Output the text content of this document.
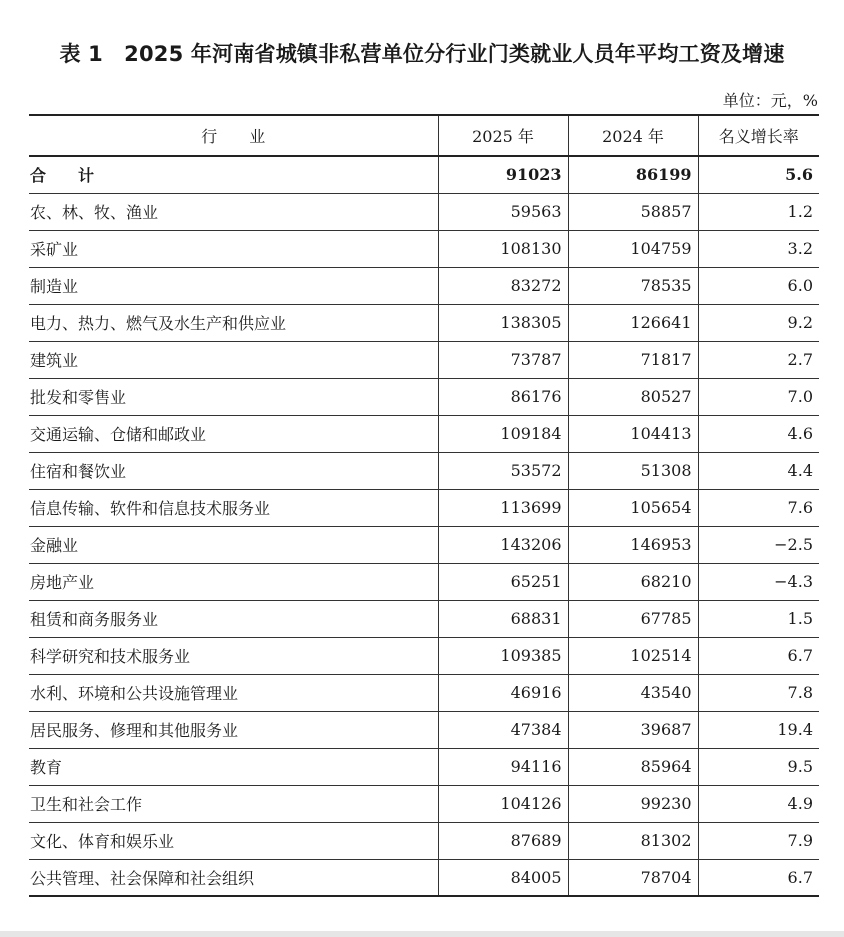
表 1　2025 年河南省城镇非私营单位分行业门类就业人员年平均工资及增速
单位：元，%
行　　业	2025 年	2024 年	名义增长率
合　　计	91023	86199	5.6
农、林、牧、渔业	59563	58857	1.2
采矿业	108130	104759	3.2
制造业	83272	78535	6.0
电力、热力、燃气及水生产和供应业	138305	126641	9.2
建筑业	73787	71817	2.7
批发和零售业	86176	80527	7.0
交通运输、仓储和邮政业	109184	104413	4.6
住宿和餐饮业	53572	51308	4.4
信息传输、软件和信息技术服务业	113699	105654	7.6
金融业	143206	146953	−2.5
房地产业	65251	68210	−4.3
租赁和商务服务业	68831	67785	1.5
科学研究和技术服务业	109385	102514	6.7
水利、环境和公共设施管理业	46916	43540	7.8
居民服务、修理和其他服务业	47384	39687	19.4
教育	94116	85964	9.5
卫生和社会工作	104126	99230	4.9
文化、体育和娱乐业	87689	81302	7.9
公共管理、社会保障和社会组织	84005	78704	6.7
